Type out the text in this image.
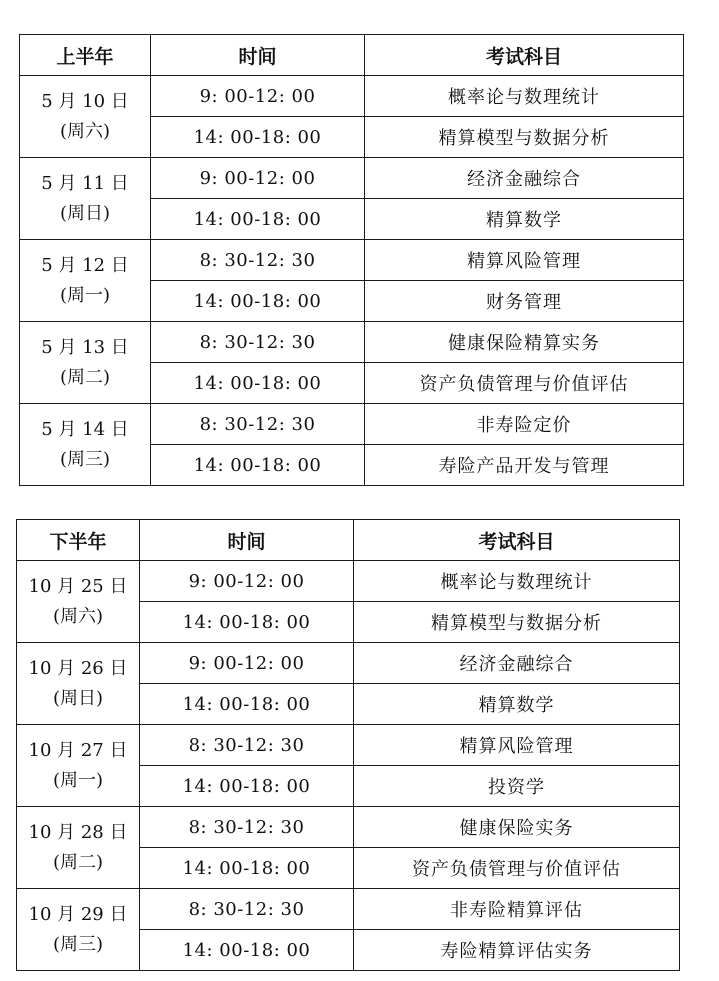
上半年	时间	考试科目

5 月 10 日
(周六)	9: 00-12: 00	概率论与数理统计
	14: 00-18: 00	精算模型与数据分析

5 月 11 日
(周日)	9: 00-12: 00	经济金融综合
	14: 00-18: 00	精算数学

5 月 12 日
(周一)	8: 30-12: 30	精算风险管理
	14: 00-18: 00	财务管理

5 月 13 日
(周二)	8: 30-12: 30	健康保险精算实务
	14: 00-18: 00	资产负债管理与价值评估

5 月 14 日
(周三)	8: 30-12: 30	非寿险定价
	14: 00-18: 00	寿险产品开发与管理
下半年	时间	考试科目

10 月 25 日
(周六)	9: 00-12: 00	概率论与数理统计
	14: 00-18: 00	精算模型与数据分析

10 月 26 日
(周日)	9: 00-12: 00	经济金融综合
	14: 00-18: 00	精算数学

10 月 27 日
(周一)	8: 30-12: 30	精算风险管理
	14: 00-18: 00	投资学

10 月 28 日
(周二)	8: 30-12: 30	健康保险实务
	14: 00-18: 00	资产负债管理与价值评估

10 月 29 日
(周三)	8: 30-12: 30	非寿险精算评估
	14: 00-18: 00	寿险精算评估实务
